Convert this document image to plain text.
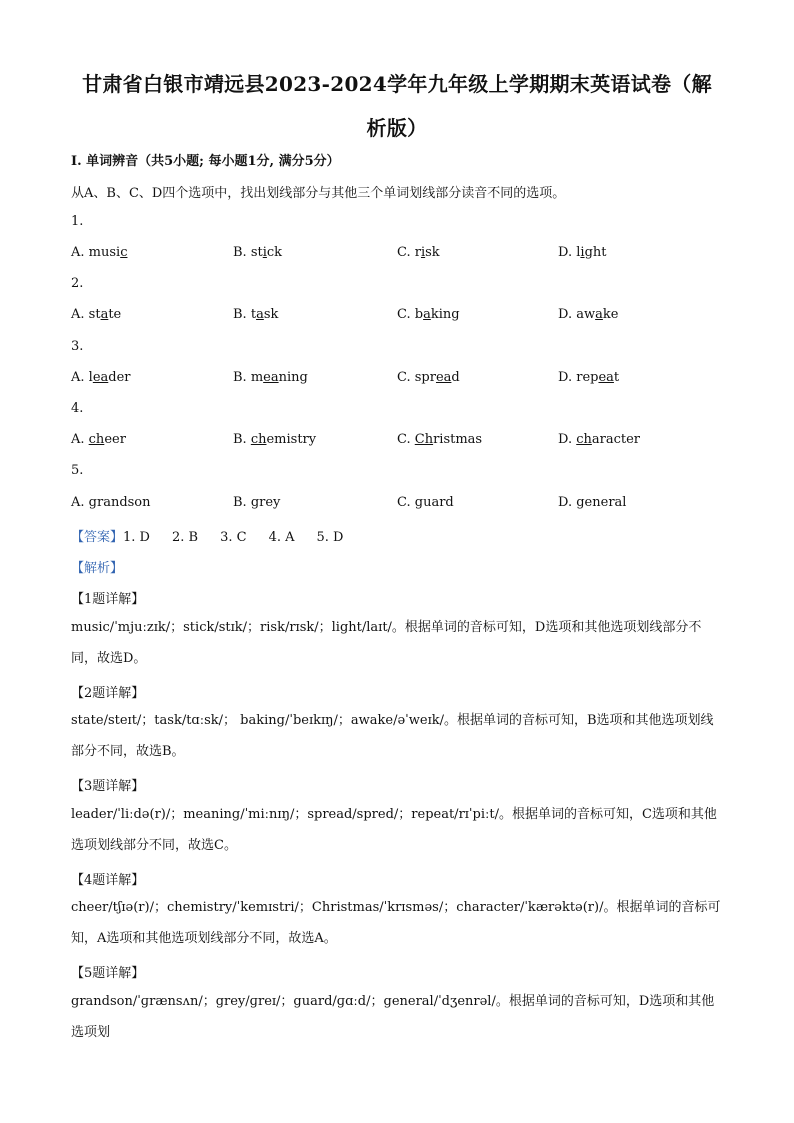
甘肃省白银市靖远县2023-2024学年九年级上学期期末英语试卷（解
析版）
Ⅰ. 单词辨音（共5小题; 每小题1分, 满分5分）
从A、B、C、D四个选项中，找出划线部分与其他三个单词划线部分读音不同的选项。
1.
A. music	B. stick	C. risk	D. light
2.
A. state	B. task	C. baking	D. awake
3.
A. leader	B. meaning	C. spread	D. repeat
4.
A. cheer	B. chemistry	C. Christmas	D. character
5.
A. grandson	B. grey	C. guard	D. general
【答案】1. D 2. B 3. C 4. A 5. D
【解析】
【1题详解】
music/ˈmjuːzɪk/；stick/stɪk/；risk/rɪsk/；light/laɪt/。根据单词的音标可知，D选项和其他选项划线部分不同，故选D。
【2题详解】
state/steɪt/；task/tɑːsk/； baking/ˈbeɪkɪŋ/；awake/əˈweɪk/。根据单词的音标可知，B选项和其他选项划线部分不同，故选B。
【3题详解】
leader/ˈliːdə(r)/；meaning/ˈmiːnɪŋ/；spread/spred/；repeat/rɪˈpiːt/。根据单词的音标可知，C选项和其他选项划线部分不同，故选C。
【4题详解】
cheer/tʃɪə(r)/；chemistry/ˈkemɪstri/；Christmas/ˈkrɪsməs/；character/ˈkærəktə(r)/。根据单词的音标可知，A选项和其他选项划线部分不同，故选A。
【5题详解】
grandson/ˈɡrænsʌn/；grey/ɡreɪ/；guard/ɡɑːd/；general/ˈdʒenrəl/。根据单词的音标可知，D选项和其他选项划
